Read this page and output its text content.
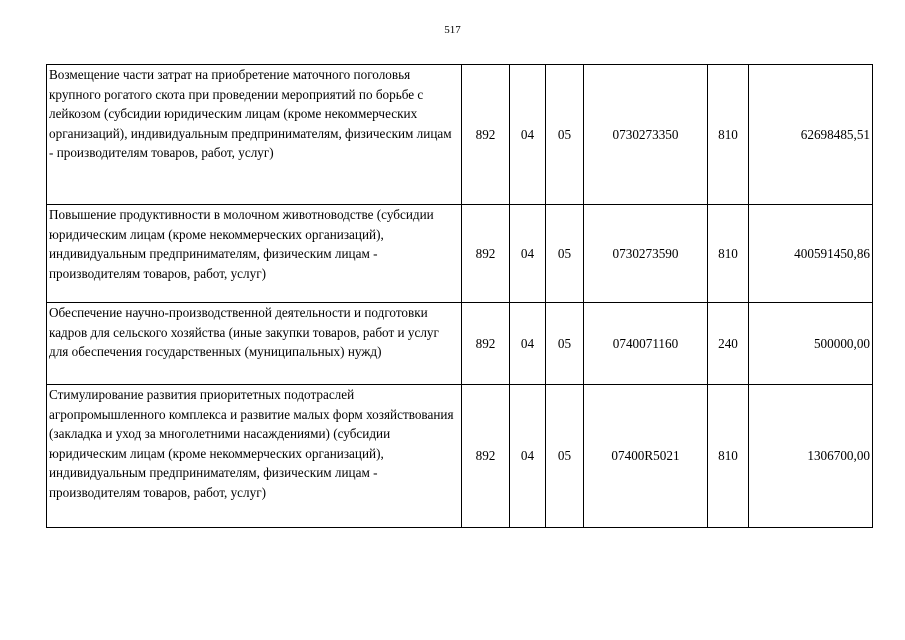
517
Возмещение части затрат на приобретение маточного поголовья крупного рогатого скота при проведении мероприятий по борьбе с лейкозом (субсидии юридическим лицам (кроме некоммерческих организаций), индивидуальным предпринимателям, физическим лицам - производителям товаров, работ, услуг)	892	04	05	0730273350	810	62698485,51

Повышение продуктивности в молочном животноводстве (субсидии юридическим лицам (кроме некоммерческих организаций), индивидуальным предпринимателям, физическим лицам - производителям товаров, работ, услуг)	892	04	05	0730273590	810	400591450,86

Обеспечение научно-производственной деятельности и подготовки кадров для сельского хозяйства (иные закупки товаров, работ и услуг для обеспечения государственных (муниципальных) нужд)	892	04	05	0740071160	240	500000,00

Стимулирование развития приоритетных подотраслей агропромышленного комплекса и развитие малых форм хозяйствования (закладка и уход за многолетними насаждениями) (субсидии юридическим лицам (кроме некоммерческих организаций), индивидуальным предпринимателям, физическим лицам - производителям товаров, работ, услуг)	892	04	05	07400R5021	810	1306700,00
